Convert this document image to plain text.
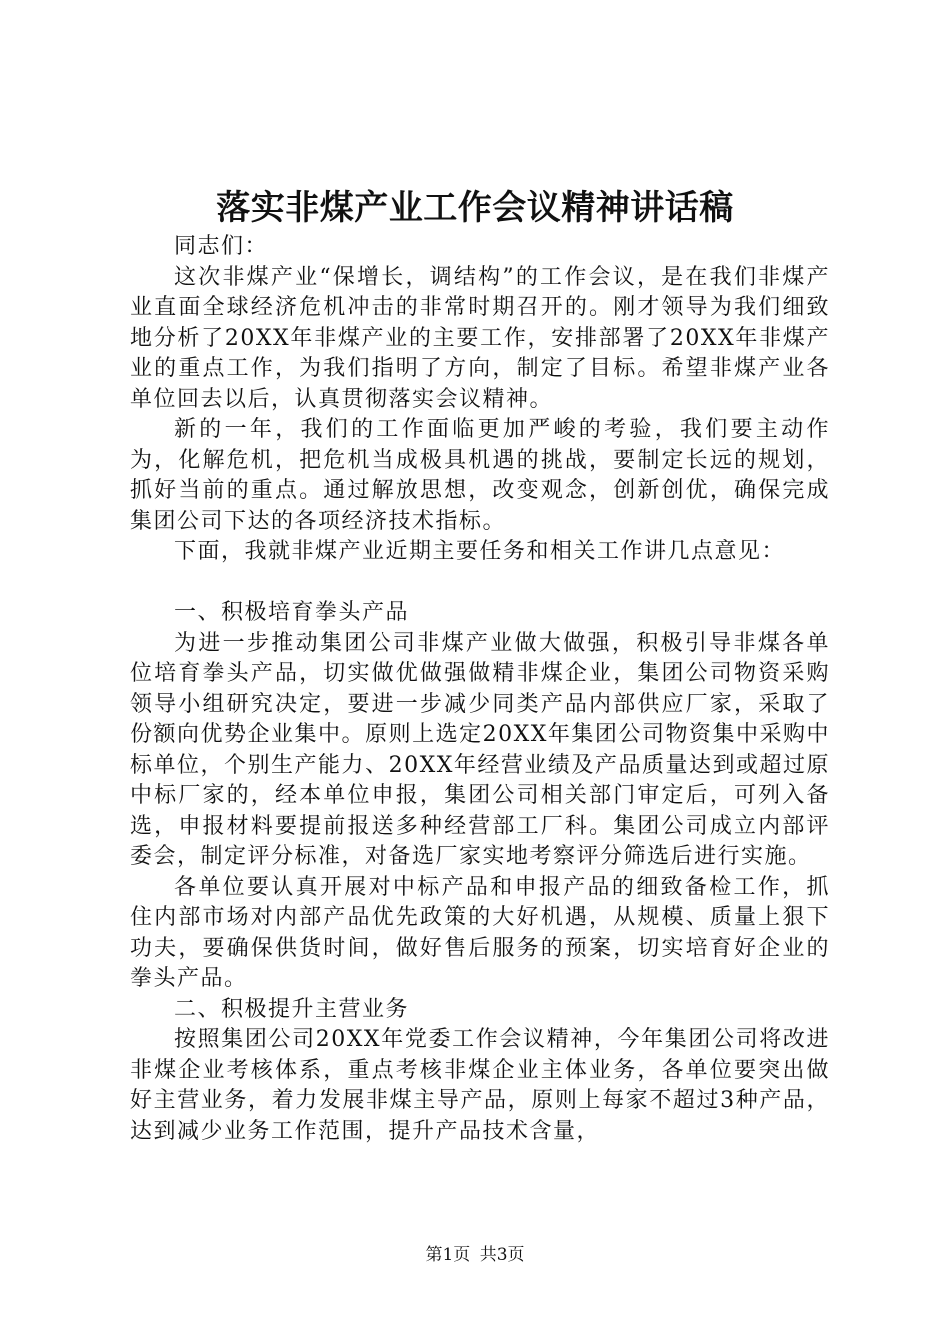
落实非煤产业工作会议精神讲话稿

同志们：

这次非煤产业“保增长，调结构”的工作会议，是在我们非煤产业直面全球经济危机冲击的非常时期召开的。刚才领导为我们细致地分析了20XX年非煤产业的主要工作，安排部署了20XX年非煤产业的重点工作，为我们指明了方向，制定了目标。希望非煤产业各单位回去以后，认真贯彻落实会议精神。

新的一年，我们的工作面临更加严峻的考验，我们要主动作为，化解危机，把危机当成极具机遇的挑战，要制定长远的规划，抓好当前的重点。通过解放思想，改变观念，创新创优，确保完成集团公司下达的各项经济技术指标。

下面，我就非煤产业近期主要任务和相关工作讲几点意见：

一、积极培育拳头产品

为进一步推动集团公司非煤产业做大做强，积极引导非煤各单位培育拳头产品，切实做优做强做精非煤企业，集团公司物资采购领导小组研究决定，要进一步减少同类产品内部供应厂家，采取了份额向优势企业集中。原则上选定20XX年集团公司物资集中采购中标单位，个别生产能力、20XX年经营业绩及产品质量达到或超过原中标厂家的，经本单位申报，集团公司相关部门审定后，可列入备选，申报材料要提前报送多种经营部工厂科。集团公司成立内部评委会，制定评分标准，对备选厂家实地考察评分筛选后进行实施。

各单位要认真开展对中标产品和申报产品的细致备检工作，抓住内部市场对内部产品优先政策的大好机遇，从规模、质量上狠下功夫，要确保供货时间，做好售后服务的预案，切实培育好企业的拳头产品。

二、积极提升主营业务

按照集团公司20XX年党委工作会议精神，今年集团公司将改进非煤企业考核体系，重点考核非煤企业主体业务，各单位要突出做好主营业务，着力发展非煤主导产品，原则上每家不超过3种产品，达到减少业务工作范围，提升产品技术含量，

第1页 共3页
